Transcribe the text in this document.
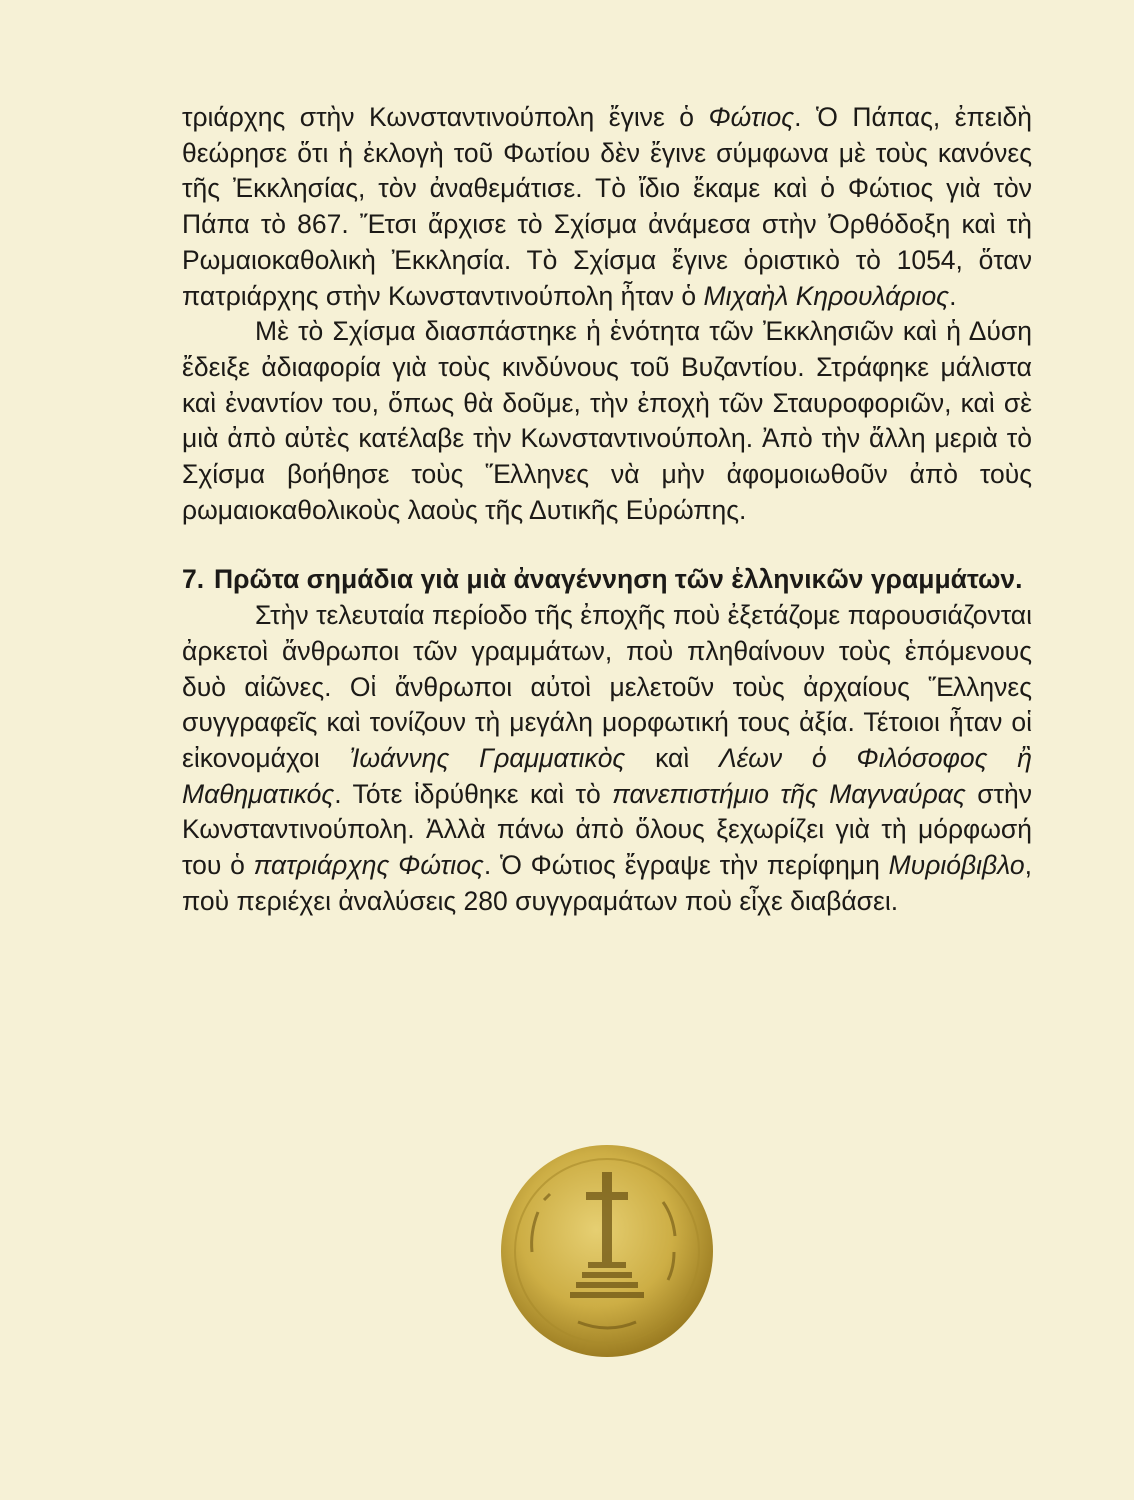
τριάρχης στὴν Κωνσταντινούπολη ἔγινε ὁ Φώτιος. Ὁ Πάπας, ἐπειδὴ θεώρησε ὅτι ἡ ἐκλογὴ τοῦ Φωτίου δὲν ἔγινε σύμφωνα μὲ τοὺς κανόνες τῆς Ἐκκλησίας, τὸν ἀναθεμάτισε. Τὸ ἴδιο ἔκαμε καὶ ὁ Φώτιος γιὰ τὸν Πάπα τὸ 867. Ἔτσι ἄρχισε τὸ Σχίσμα ἀνάμεσα στὴν Ὀρθόδοξη καὶ τὴ Ρωμαιοκαθολικὴ Ἐκκλησία. Τὸ Σχίσμα ἔγινε ὁριστικὸ τὸ 1054, ὅταν πατριάρχης στὴν Κωνσταντινούπολη ἦταν ὁ Μιχαὴλ Κηρουλάριος.

Μὲ τὸ Σχίσμα διασπάστηκε ἡ ἑνότητα τῶν Ἐκκλησιῶν καὶ ἡ Δύση ἔδειξε ἀδιαφορία γιὰ τοὺς κινδύνους τοῦ Βυζαντίου. Στράφηκε μάλιστα καὶ ἐναντίον του, ὅπως θὰ δοῦμε, τὴν ἐποχὴ τῶν Σταυροφοριῶν, καὶ σὲ μιὰ ἀπὸ αὐτὲς κατέλαβε τὴν Κωνσταντινούπολη. Ἀπὸ τὴν ἄλλη μεριὰ τὸ Σχίσμα βοήθησε τοὺς Ἕλληνες νὰ μὴν ἀφομοιωθοῦν ἀπὸ τοὺς ρωμαιοκαθολικοὺς λαοὺς τῆς Δυτικῆς Εὐρώπης.

7. Πρῶτα σημάδια γιὰ μιὰ ἀναγέννηση τῶν ἑλληνικῶν γραμμάτων.

Στὴν τελευταία περίοδο τῆς ἐποχῆς ποὺ ἐξετάζομε παρουσιάζονται ἀρκετοὶ ἄνθρωποι τῶν γραμμάτων, ποὺ πληθαίνουν τοὺς ἑπόμενους δυὸ αἰῶνες. Οἱ ἄνθρωποι αὐτοὶ μελετοῦν τοὺς ἀρχαίους Ἕλληνες συγγραφεῖς καὶ τονίζουν τὴ μεγάλη μορφωτική τους ἀξία. Τέτοιοι ἦταν οἱ εἰκονομάχοι Ἰωάννης Γραμματικὸς καὶ Λέων ὁ Φιλόσοφος ἢ Μαθηματικός. Τότε ἱδρύθηκε καὶ τὸ πανεπιστήμιο τῆς Μαγναύρας στὴν Κωνσταντινούπολη. Ἀλλὰ πάνω ἀπὸ ὅλους ξεχωρίζει γιὰ τὴ μόρφωσή του ὁ πατριάρχης Φώτιος. Ὁ Φώτιος ἔγραψε τὴν περίφημη Μυριόβιβλο, ποὺ περιέχει ἀναλύσεις 280 συγγραμάτων ποὺ εἶχε διαβάσει.
